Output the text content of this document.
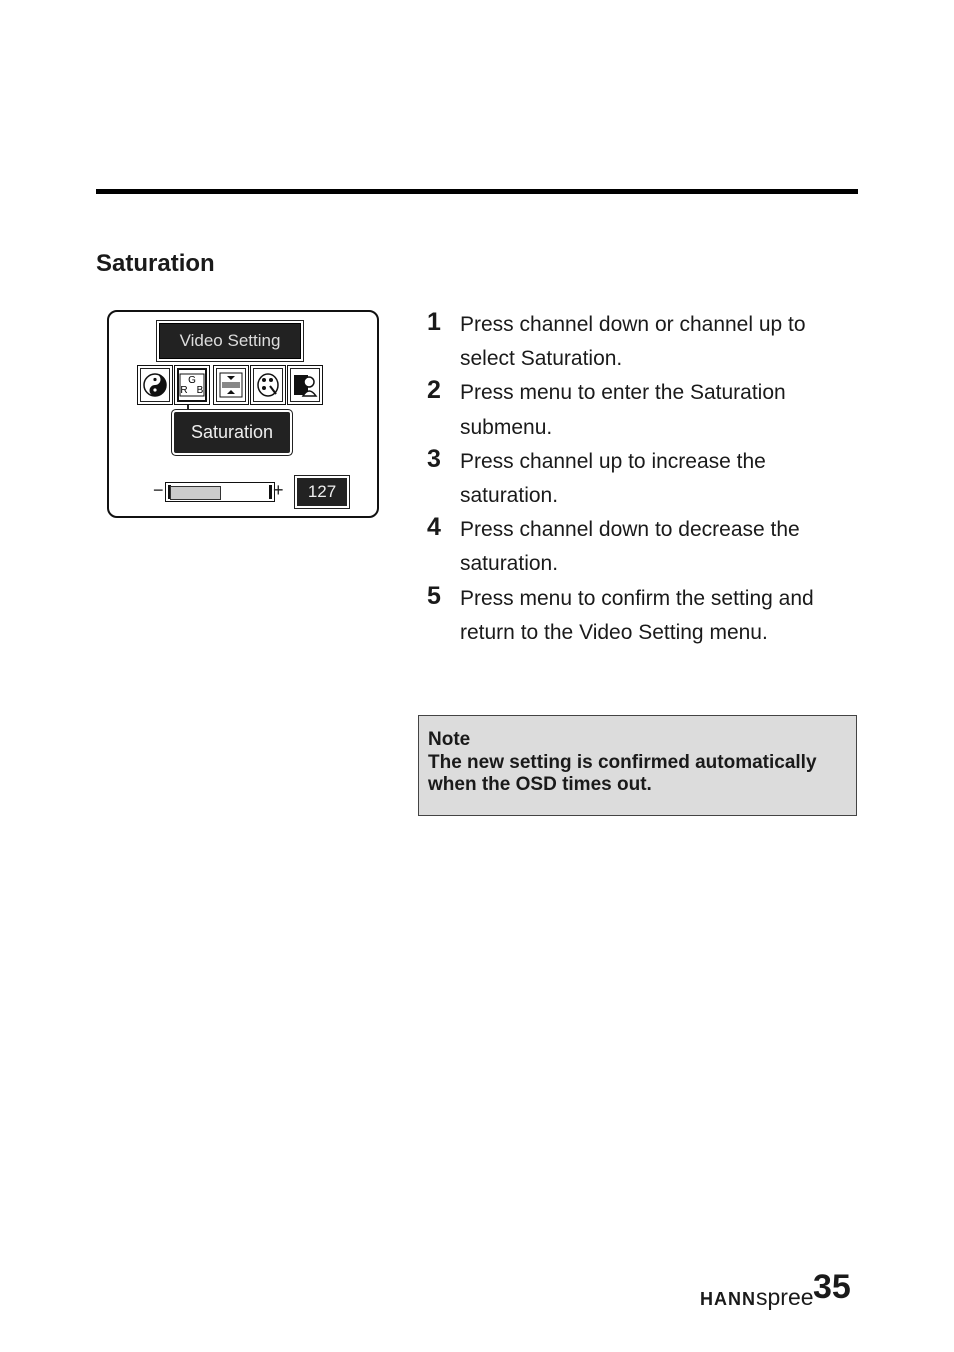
Saturation
Video Setting
G
R B
Saturation
−	+	127
1 Press channel down or channel up to select Saturation.
2 Press menu to enter the Saturation submenu.
3 Press channel up to increase the saturation.
4 Press channel down to decrease the saturation.
5 Press menu to confirm the setting and return to the Video Setting menu.
Note
The new setting is confirmed automatically when the OSD times out.
HANNspree 35
